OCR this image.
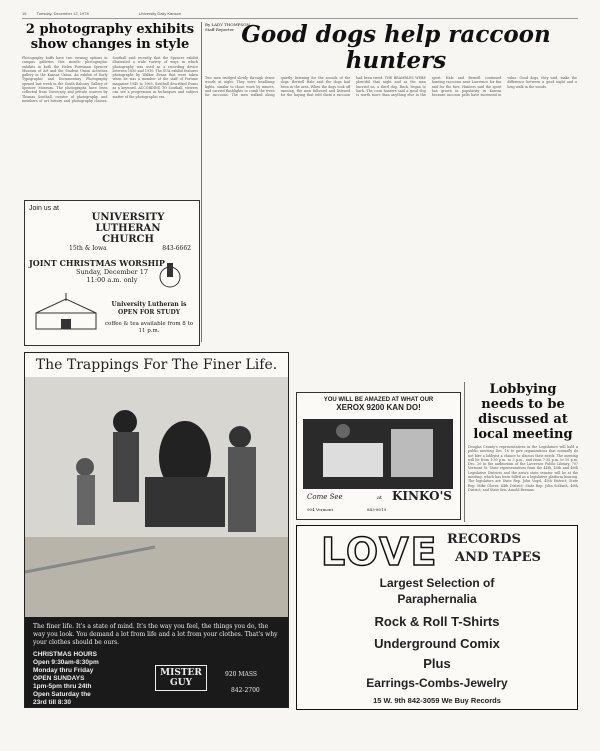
16	Tuesday, December 12, 1978	University Daily Kansan
2 photography exhibits show changes in style
Photography buffs have two viewing options in campus galleries this month: photographic exhibits in both the Helen Foresman Spencer Museum of Art and the Student Union Activities gallery in the Kansas Union. An exhibit of Early Typographic and Documentary Photography opened last week in the South Balcony Gallery of Spencer Museum. The photographs have been collected from University and private sources by Thomas Southall, curator of photography, and members of art history and photography classes. Southall said recently that the Spencer exhibit illustrated a wide variety of ways in which photography was used as a recording device between 1850 and 1910. The SUA exhibit features photographs by Walker Evans that were taken when he was a member of the staff of Fortune magazine 1945 to 1965. Southall described Evans as a keyword. ACCORDING TO Southall, viewers can see a progression in techniques and subject matter of the photographic era.
Join us at
UNIVERSITY LUTHERAN CHURCH
15th & Iowa	843-6662
JOINT CHRISTMAS WORSHIP
Sunday, December 17
11:00 a.m. only
University Lutheran is OPEN FOR STUDY
coffee & tea available from 8 to 11 p.m.
By LADY THOMPSON
Staff Reporter Good dogs help raccoon hunters
Two men trudged slowly through dense woods at night. They were headlamp lights, similar to those worn by miners, and carried flashlights to comb the trees for raccoons. The men walked along quietly, listening for the sounds of the dogs. Bernell Hale said the dogs had been in the area. When the dogs took off running, the men followed and listened for the baying that told them a raccoon had been treed. THE BRAMBLES WERE plentiful that night and as the men hurried on, a third dog, Buck, began to bark. The coon hunters said a good dog is worth more than anything else in the sport. Hale and Bernell continued hunting raccoons near Lawrence for fun and for the furs. Hunters said the sport has grown in popularity in Kansas because raccoon pelts have increased in value. Good dogs, they said, make the difference between a good night and a long walk in the woods.
Lobbying needs to be discussed at local meeting
Douglas County's representatives in the Legislature will hold a public meeting Dec. 16 to give organizations that normally do not hire a lobbyist a chance to discuss their needs. The meeting will be from 1:30 p.m. to 3 p.m., and from 7:30 p.m. to 10 p.m. Dec. 20 in the auditorium of the Lawrence Public Library, 707 Vermont St. State representatives from the 44th, 45th and 46th Legislative Districts and the area's state senator will be at the meeting, which has been billed as a legislative platform hearing. The legislators are State Rep. John Vogel, 45th District; State Rep. Mike Glover, 44th District; State Rep. John Solbach, 46th District; and State Sen. Arnold Berman.
The Trappings For The Finer Life.
The finer life. It's a state of mind. It's the way you feel, the things you do, the way you look. You demand a lot from life and a lot from your clothes. That's why your clothes should be ours.
CHRISTMAS HOURS
Open 9:30am-8:30pm
Monday thru Friday
OPEN SUNDAYS
1pm-5pm thru 24th
Open Saturday the
23rd till 8:30
MISTER GUY
920 MASS
842-2700
YOU WILL BE AMAZED AT WHAT OUR
XEROX 9200 KAN DO!
Come See	at KINKO'S
904 Vermont	843-8019
LOVE RECORDS
AND TAPES
Largest Selection of
Paraphernalia
Rock & Roll T-Shirts
Underground Comix
Plus
Earrings-Combs-Jewelry
15 W. 9th 842-3059 We Buy Records
